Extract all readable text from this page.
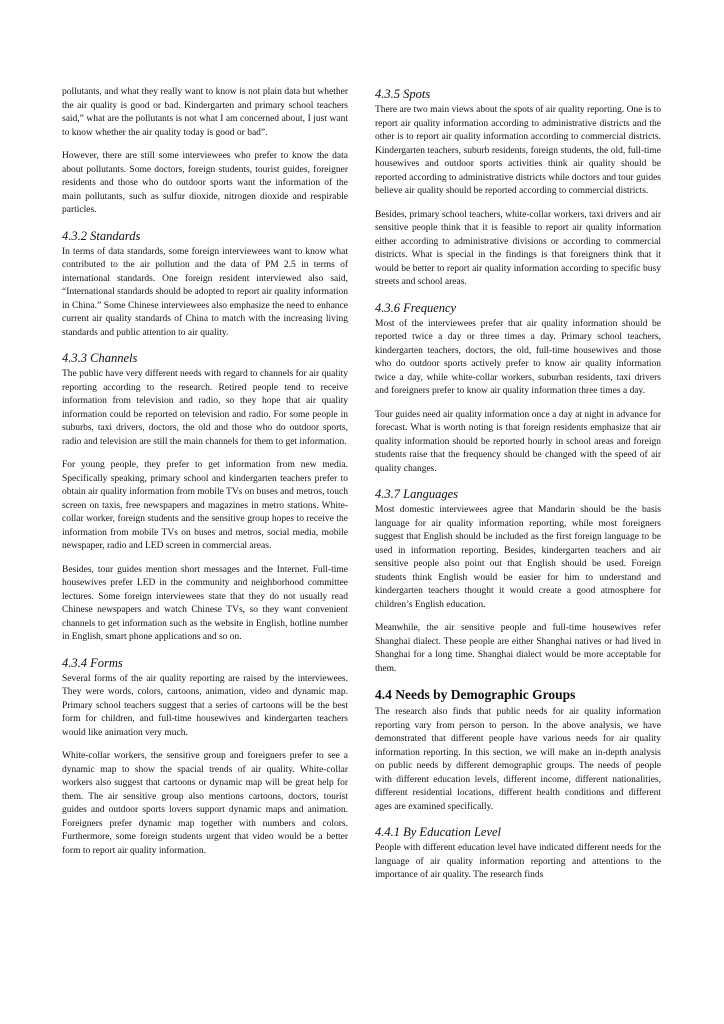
pollutants, and what they really want to know is not plain data but whether the air quality is good or bad. Kindergarten and primary school teachers said,” what are the pollutants is not what I am concerned about, I just want to know whether the air quality today is good or bad”.

However, there are still some interviewees who prefer to know the data about pollutants. Some doctors, foreign students, tourist guides, foreigner residents and those who do outdoor sports want the information of the main pollutants, such as sulfur dioxide, nitrogen dioxide and respirable particles.

4.3.2 Standards

In terms of data standards, some foreign interviewees want to know what contributed to the air pollution and the data of PM 2.5 in terms of international standards. One foreign resident interviewed also said, “International standards should be adopted to report air quality information in China.” Some Chinese interviewees also emphasize the need to enhance current air quality standards of China to match with the increasing living standards and public attention to air quality.

4.3.3 Channels

The public have very different needs with regard to channels for air quality reporting according to the research. Retired people tend to receive information from television and radio, so they hope that air quality information could be reported on television and radio. For some people in suburbs, taxi drivers, doctors, the old and those who do outdoor sports, radio and television are still the main channels for them to get information.

For young people, they prefer to get information from new media. Specifically speaking, primary school and kindergarten teachers prefer to obtain air quality information from mobile TVs on buses and metros, touch screen on taxis, free newspapers and magazines in metro stations. White-collar worker, foreign students and the sensitive group hopes to receive the information from mobile TVs on buses and metros, social media, mobile newspaper, radio and LED screen in commercial areas.

Besides, tour guides mention short messages and the Internet. Full-time housewives prefer LED in the community and neighborhood committee lectures. Some foreign interviewees state that they do not usually read Chinese newspapers and watch Chinese TVs, so they want convenient channels to get information such as the website in English, hotline number in English, smart phone applications and so on.

4.3.4 Forms

Several forms of the air quality reporting are raised by the interviewees. They were words, colors, cartoons, animation, video and dynamic map. Primary school teachers suggest that a series of cartoons will be the best form for children, and full-time housewives and kindergarten teachers would like animation very much.

White-collar workers, the sensitive group and foreigners prefer to see a dynamic map to show the spacial trends of air quality. White-collar workers also suggest that cartoons or dynamic map will be great help for them. The air sensitive group also mentions cartoons, doctors, tourist guides and outdoor sports lovers support dynamic maps and animation. Foreigners prefer dynamic map together with numbers and colors. Furthermore, some foreign students urgent that video would be a better form to report air quality information.

4.3.5 Spots

There are two main views about the spots of air quality reporting. One is to report air quality information according to administrative districts and the other is to report air quality information according to commercial districts. Kindergarten teachers, suburb residents, foreign students, the old, full-time housewives and outdoor sports activities think air quality should be reported according to administrative districts while doctors and tour guides believe air quality should be reported according to commercial districts.

Besides, primary school teachers, white-collar workers, taxi drivers and air sensitive people think that it is feasible to report air quality information either according to administrative divisions or according to commercial districts. What is special in the findings is that foreigners think that it would be better to report air quality information according to specific busy streets and school areas.

4.3.6 Frequency

Most of the interviewees prefer that air quality information should be reported twice a day or three times a day. Primary school teachers, kindergarten teachers, doctors, the old, full-time housewives and those who do outdoor sports actively prefer to know air quality information twice a day, while white-collar workers, suburban residents, taxi drivers and foreigners prefer to know air quality information three times a day.

Tour guides need air quality information once a day at night in advance for forecast. What is worth noting is that foreign residents emphasize that air quality information should be reported hourly in school areas and foreign students raise that the frequency should be changed with the speed of air quality changes.

4.3.7 Languages

Most domestic interviewees agree that Mandarin should be the basis language for air quality information reporting, while most foreigners suggest that English should be included as the first foreign language to be used in information reporting. Besides, kindergarten teachers and air sensitive people also point out that English should be used. Foreign students think English would be easier for him to understand and kindergarten teachers thought it would create a good atmosphere for children’s English education.

Meanwhile, the air sensitive people and full-time housewives refer Shanghai dialect. These people are either Shanghai natives or had lived in Shanghai for a long time. Shanghai dialect would be more acceptable for them.

4.4 Needs by Demographic Groups

The research also finds that public needs for air quality information reporting vary from person to person. In the above analysis, we have demonstrated that different people have various needs for air quality information reporting. In this section, we will make an in-depth analysis on public needs by different demographic groups. The needs of people with different education levels, different income, different nationalities, different residential locations, different health conditions and different ages are examined specifically.

4.4.1 By Education Level

People with different education level have indicated different needs for the language of air quality information reporting and attentions to the importance of air quality. The research finds
